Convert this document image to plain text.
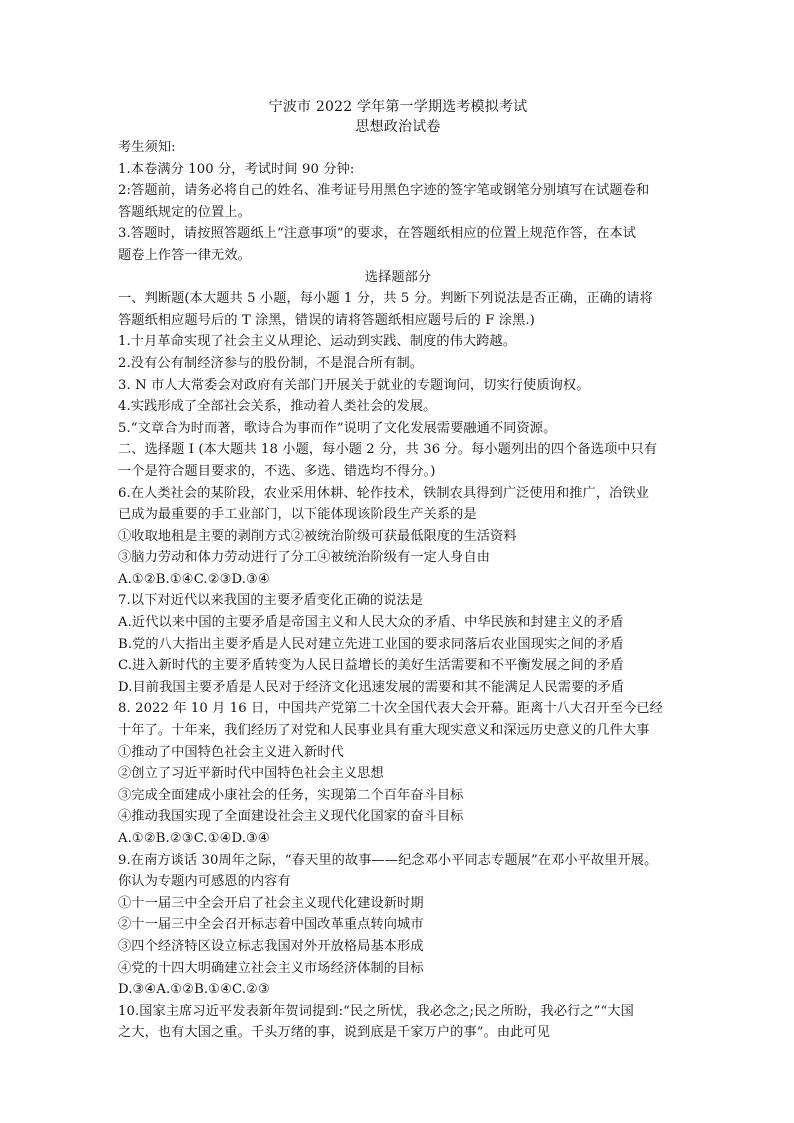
宁波市 2022 学年第一学期选考模拟考试
思想政治试卷
考生须知:
1.本卷满分 100 分，考试时间 90 分钟:
2:答题前，请务必将自己的姓名、准考证号用黑色字迹的签字笔或钢笔分别填写在试题卷和
答题纸规定的位置上。
3.答题时，请按照答题纸上“注意事项”的要求，在答题纸相应的位置上规范作答，在本试
题卷上作答一律无效。
选择题部分
一、判断题(本大题共 5 小题，每小题 1 分，共 5 分。判断下列说法是否正确，正确的请将
答题纸相应题号后的 T 涂黑，错误的请将答题纸相应题号后的 F 涂黑.)
1.十月革命实现了社会主义从理论、运动到实践、制度的伟大跨越。
2.没有公有制经济参与的股份制，不是混合所有制。
3. N 市人大常委会对政府有关部门开展关于就业的专题询问，切实行使质询权。
4.实践形成了全部社会关系，推动着人类社会的发展。
5.“文章合为时而著，歌诗合为事而作”说明了文化发展需要融通不同资源。
二、选择题 I (本大题共 18 小题，每小题 2 分，共 36 分。每小题列出的四个备选项中只有
一个是符合题目要求的，不选、多选、错选均不得分。)
6.在人类社会的某阶段，农业采用休耕、轮作技术，铁制农具得到广泛使用和推广，冶铁业
已成为最重要的手工业部门，以下能体现该阶段生产关系的是
①收取地租是主要的剥削方式②被统治阶级可获最低限度的生活资料
③脑力劳动和体力劳动进行了分工④被统治阶级有一定人身自由
A.①②B.①④C.②③D.③④
7.以下对近代以来我国的主要矛盾变化正确的说法是
A.近代以来中国的主要矛盾是帝国主义和人民大众的矛盾、中华民族和封建主义的矛盾
B.党的八大指出主要矛盾是人民对建立先进工业国的要求同落后农业国现实之间的矛盾
C.进入新时代的主要矛盾转变为人民日益增长的美好生活需要和不平衡发展之间的矛盾
D.目前我国主要矛盾是人民对于经济文化迅速发展的需要和其不能满足人民需要的矛盾
8. 2022 年 10 月 16 日，中国共产党第二十次全国代表大会开幕。距离十八大召开至今已经
十年了。十年来，我们经历了对党和人民事业具有重大现实意义和深远历史意义的几件大事
①推动了中国特色社会主义进入新时代
②创立了习近平新时代中国特色社会主义思想
③完成全面建成小康社会的任务，实现第二个百年奋斗目标
④推动我国实现了全面建设社会主义现代化国家的奋斗目标
A.①②B.②③C.①④D.③④
9.在南方谈话 30周年之际，“春天里的故事——纪念邓小平同志专题展”在邓小平故里开展。
你认为专题内可感恩的内容有
①十一届三中全会开启了社会主义现代化建设新时期
②十一届三中全会召开标志着中国改革重点转向城市
③四个经济特区设立标志我国对外开放格局基本形成
④党的十四大明确建立社会主义市场经济体制的目标
D.③④A.①②B.①④C.②③
10.国家主席习近平发表新年贺词提到:“民之所忧，我必念之;民之所盼，我必行之”“大国
之大，也有大国之重。千头万绪的事，说到底是千家万户的事”。由此可见
